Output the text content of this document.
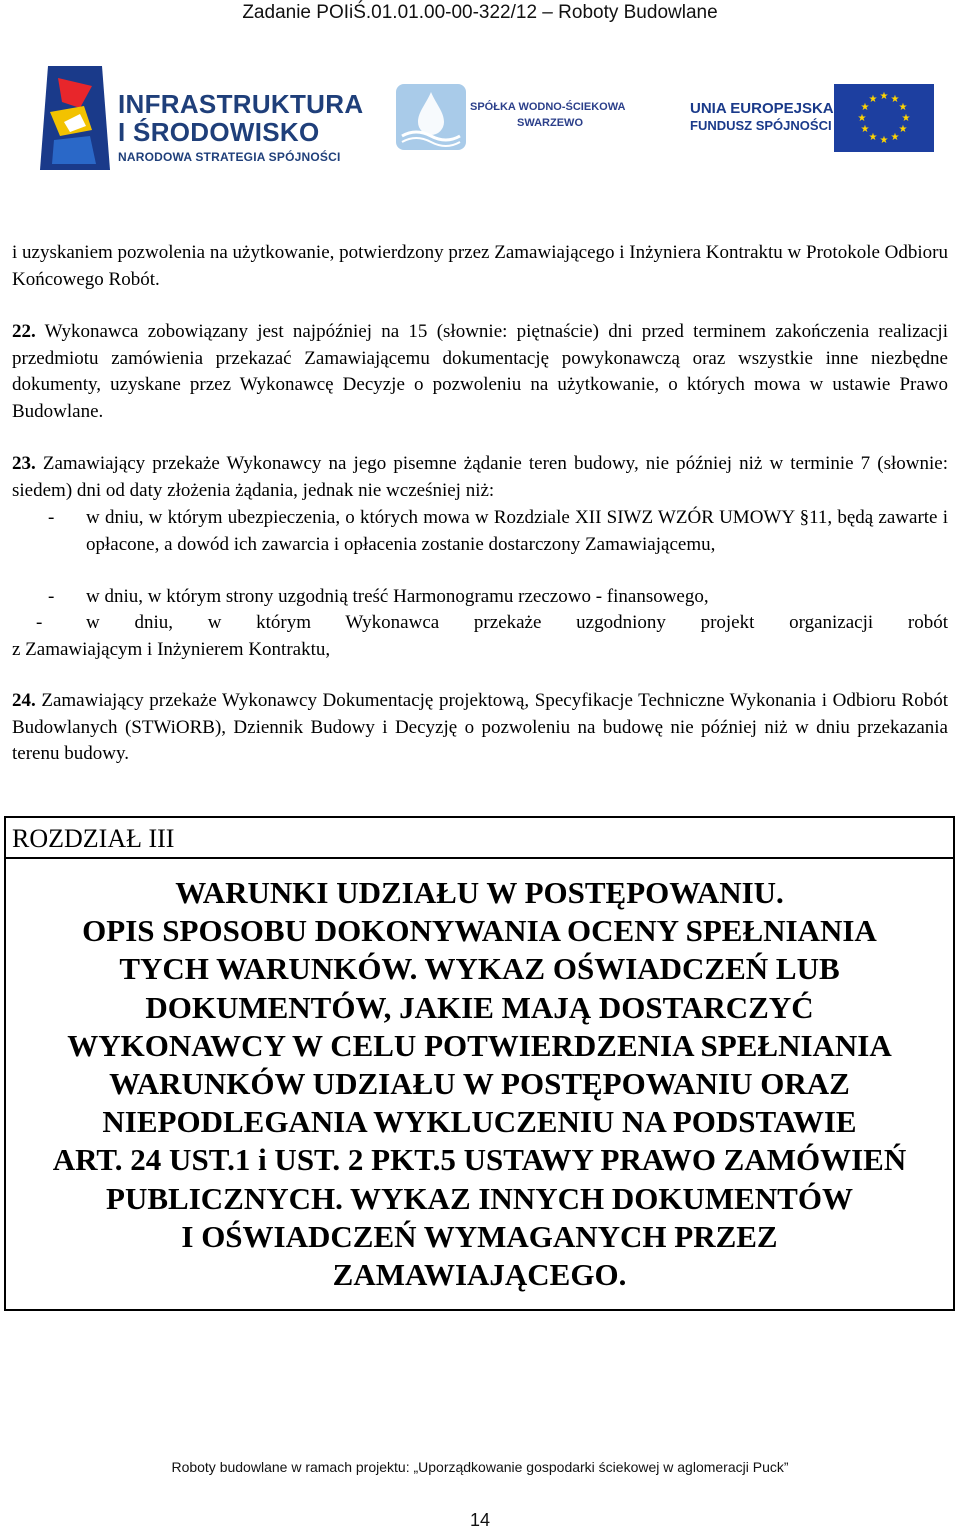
Zadanie POIiŚ.01.01.00-00-322/12 – Roboty Budowlane
INFRASTRUKTURA
I ŚRODOWISKO
NARODOWA STRATEGIA SPÓJNOŚCI
SPÓŁKA WODNO-ŚCIEKOWA
SWARZEWO
UNIA EUROPEJSKA
FUNDUSZ SPÓJNOŚCI
★ ★
★
★
★
★
★
★
★
★
★
★
i uzyskaniem pozwolenia na użytkowanie, potwierdzony przez Zamawiającego i Inżyniera Kontraktu w Protokole Odbioru Końcowego Robót.
22. Wykonawca zobowiązany jest najpóźniej na 15 (słownie: piętnaście) dni przed terminem zakończenia realizacji przedmiotu zamówienia przekazać Zamawiającemu dokumentację powykonawczą oraz wszystkie inne niezbędne dokumenty, uzyskane przez Wykonawcę Decyzje o pozwoleniu na użytkowanie, o których mowa w ustawie Prawo Budowlane.
23. Zamawiający przekaże Wykonawcy na jego pisemne żądanie teren budowy, nie później niż w terminie 7 (słownie: siedem) dni od daty złożenia żądania, jednak nie wcześniej niż:
- w dniu, w którym ubezpieczenia, o których mowa w Rozdziale XII SIWZ WZÓR UMOWY §11, będą zawarte i opłacone, a dowód ich zawarcia i opłacenia zostanie dostarczony Zamawiającemu,
- w dniu, w którym strony uzgodnią treść Harmonogramu rzeczowo - finansowego,
- w dniu, w którym Wykonawca przekaże uzgodniony projekt organizacji robót
z Zamawiającym i Inżynierem Kontraktu,
24. Zamawiający przekaże Wykonawcy Dokumentację projektową, Specyfikacje Techniczne Wykonania i Odbioru Robót Budowlanych (STWiORB), Dziennik Budowy i Decyzję o pozwoleniu na budowę nie później niż w dniu przekazania terenu budowy.
ROZDZIAŁ III
WARUNKI UDZIAŁU W POSTĘPOWANIU.
OPIS SPOSOBU DOKONYWANIA OCENY SPEŁNIANIA
TYCH WARUNKÓW. WYKAZ OŚWIADCZEŃ LUB
DOKUMENTÓW, JAKIE MAJĄ DOSTARCZYĆ
WYKONAWCY W CELU POTWIERDZENIA SPEŁNIANIA
WARUNKÓW UDZIAŁU W POSTĘPOWANIU ORAZ
NIEPODLEGANIA WYKLUCZENIU NA PODSTAWIE
ART. 24 UST.1 i UST. 2 PKT.5 USTAWY PRAWO ZAMÓWIEŃ
PUBLICZNYCH. WYKAZ INNYCH DOKUMENTÓW
I OŚWIADCZEŃ WYMAGANYCH PRZEZ
ZAMAWIAJĄCEGO.
Roboty budowlane w ramach projektu: „Uporządkowanie gospodarki ściekowej w aglomeracji Puck”
14
